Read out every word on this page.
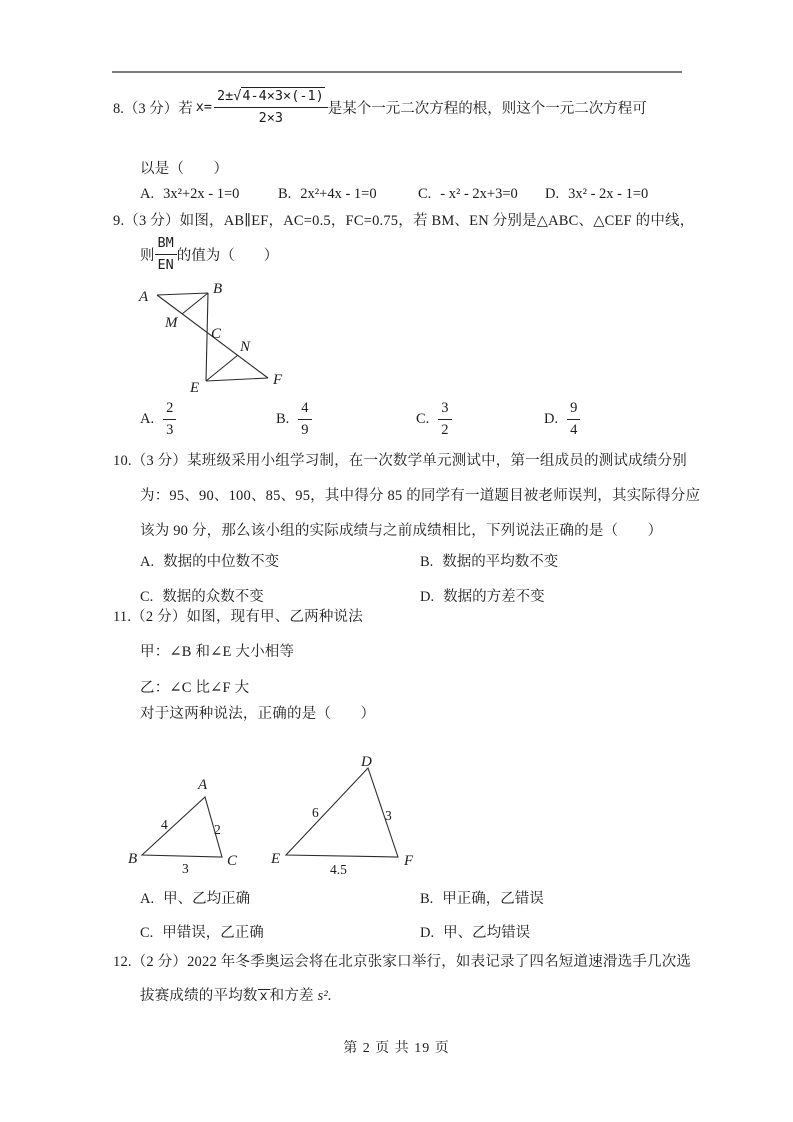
8.（3 分）若 $x= \frac{2\pm√4-4\times 3\times(-1)}{2\times 3}$ 是某个一元二次方程的根，则这个一元二次方程可
以是（　　）
A. 3x²+2x - 1=0	B. 2x²+4x - 1=0	C. - x² - 2x+3=0 D. 3x² - 2x - 1=0
9.（3 分）如图，AB∥EF，AC=0.5，FC=0.75，若 BM、EN 分别是△ABC、△CEF 的中线，
则 $\frac{BM}{EN}$ 的值为（　　）
A	B
M
C
N
E	F
A. $\frac{2}{3}$	B. $\frac{4}{9}$	C. $\frac{3}{2}$	D. $\frac{9}{4}$
10.（3 分）某班级采用小组学习制，在一次数学单元测试中，第一组成员的测试成绩分别
为：95、90、100、85、95，其中得分 85 的同学有一道题目被老师误判，其实际得分应
该为 90 分，那么该小组的实际成绩与之前成绩相比，下列说法正确的是（　　）
A. 数据的中位数不变	B. 数据的平均数不变
C. 数据的众数不变	D. 数据的方差不变
11.（2 分）如图，现有甲、乙两种说法
甲：∠B 和∠E 大小相等
乙：∠C 比∠F 大
对于这两种说法，正确的是（　　）
A
B	C
D
E	F
4	2
3
6	3
4.5
A. 甲、乙均正确	B. 甲正确，乙错误
C. 甲错误，乙正确	D. 甲、乙均错误
12.（2 分）2022 年冬季奥运会将在北京张家口举行，如表记录了四名短道速滑选手几次选
拔赛成绩的平均数 x 和方差 s².
第 2 页 共 19 页
